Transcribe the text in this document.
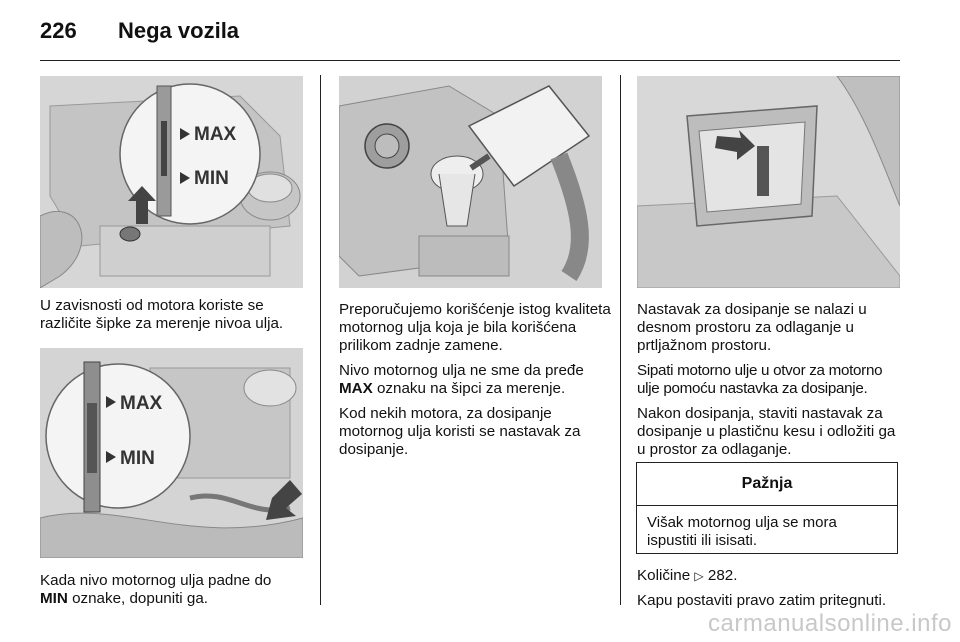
226 Nega vozila
MAX
MIN
U zavisnosti od motora koriste se različite šipke za merenje nivoa ulja.
MAX
MIN
Kada nivo motornog ulja padne do
MIN oznake, dopuniti ga.

Preporučujemo korišćenje istog kvaliteta motornog ulja koja je bila korišćena prilikom zadnje zamene.

Nivo motornog ulja ne sme da pređe
MAX oznaku na šipci za merenje.

Kod nekih motora, za dosipanje motornog ulja koristi se nastavak za dosipanje.

Nastavak za dosipanje se nalazi u desnom prostoru za odlaganje u prtljažnom prostoru.

Sipati motorno ulje u otvor za motorno ulje pomoću nastavka za dosipanje.

Nakon dosipanja, staviti nastavak za dosipanje u plastičnu kesu i odložiti ga u prostor za odlaganje.

Pažnja
Višak motornog ulja se mora ispustiti ili isisati.

Količine ▷ 282.

Kapu postaviti pravo zatim pritegnuti.

carmanualsonline.info
